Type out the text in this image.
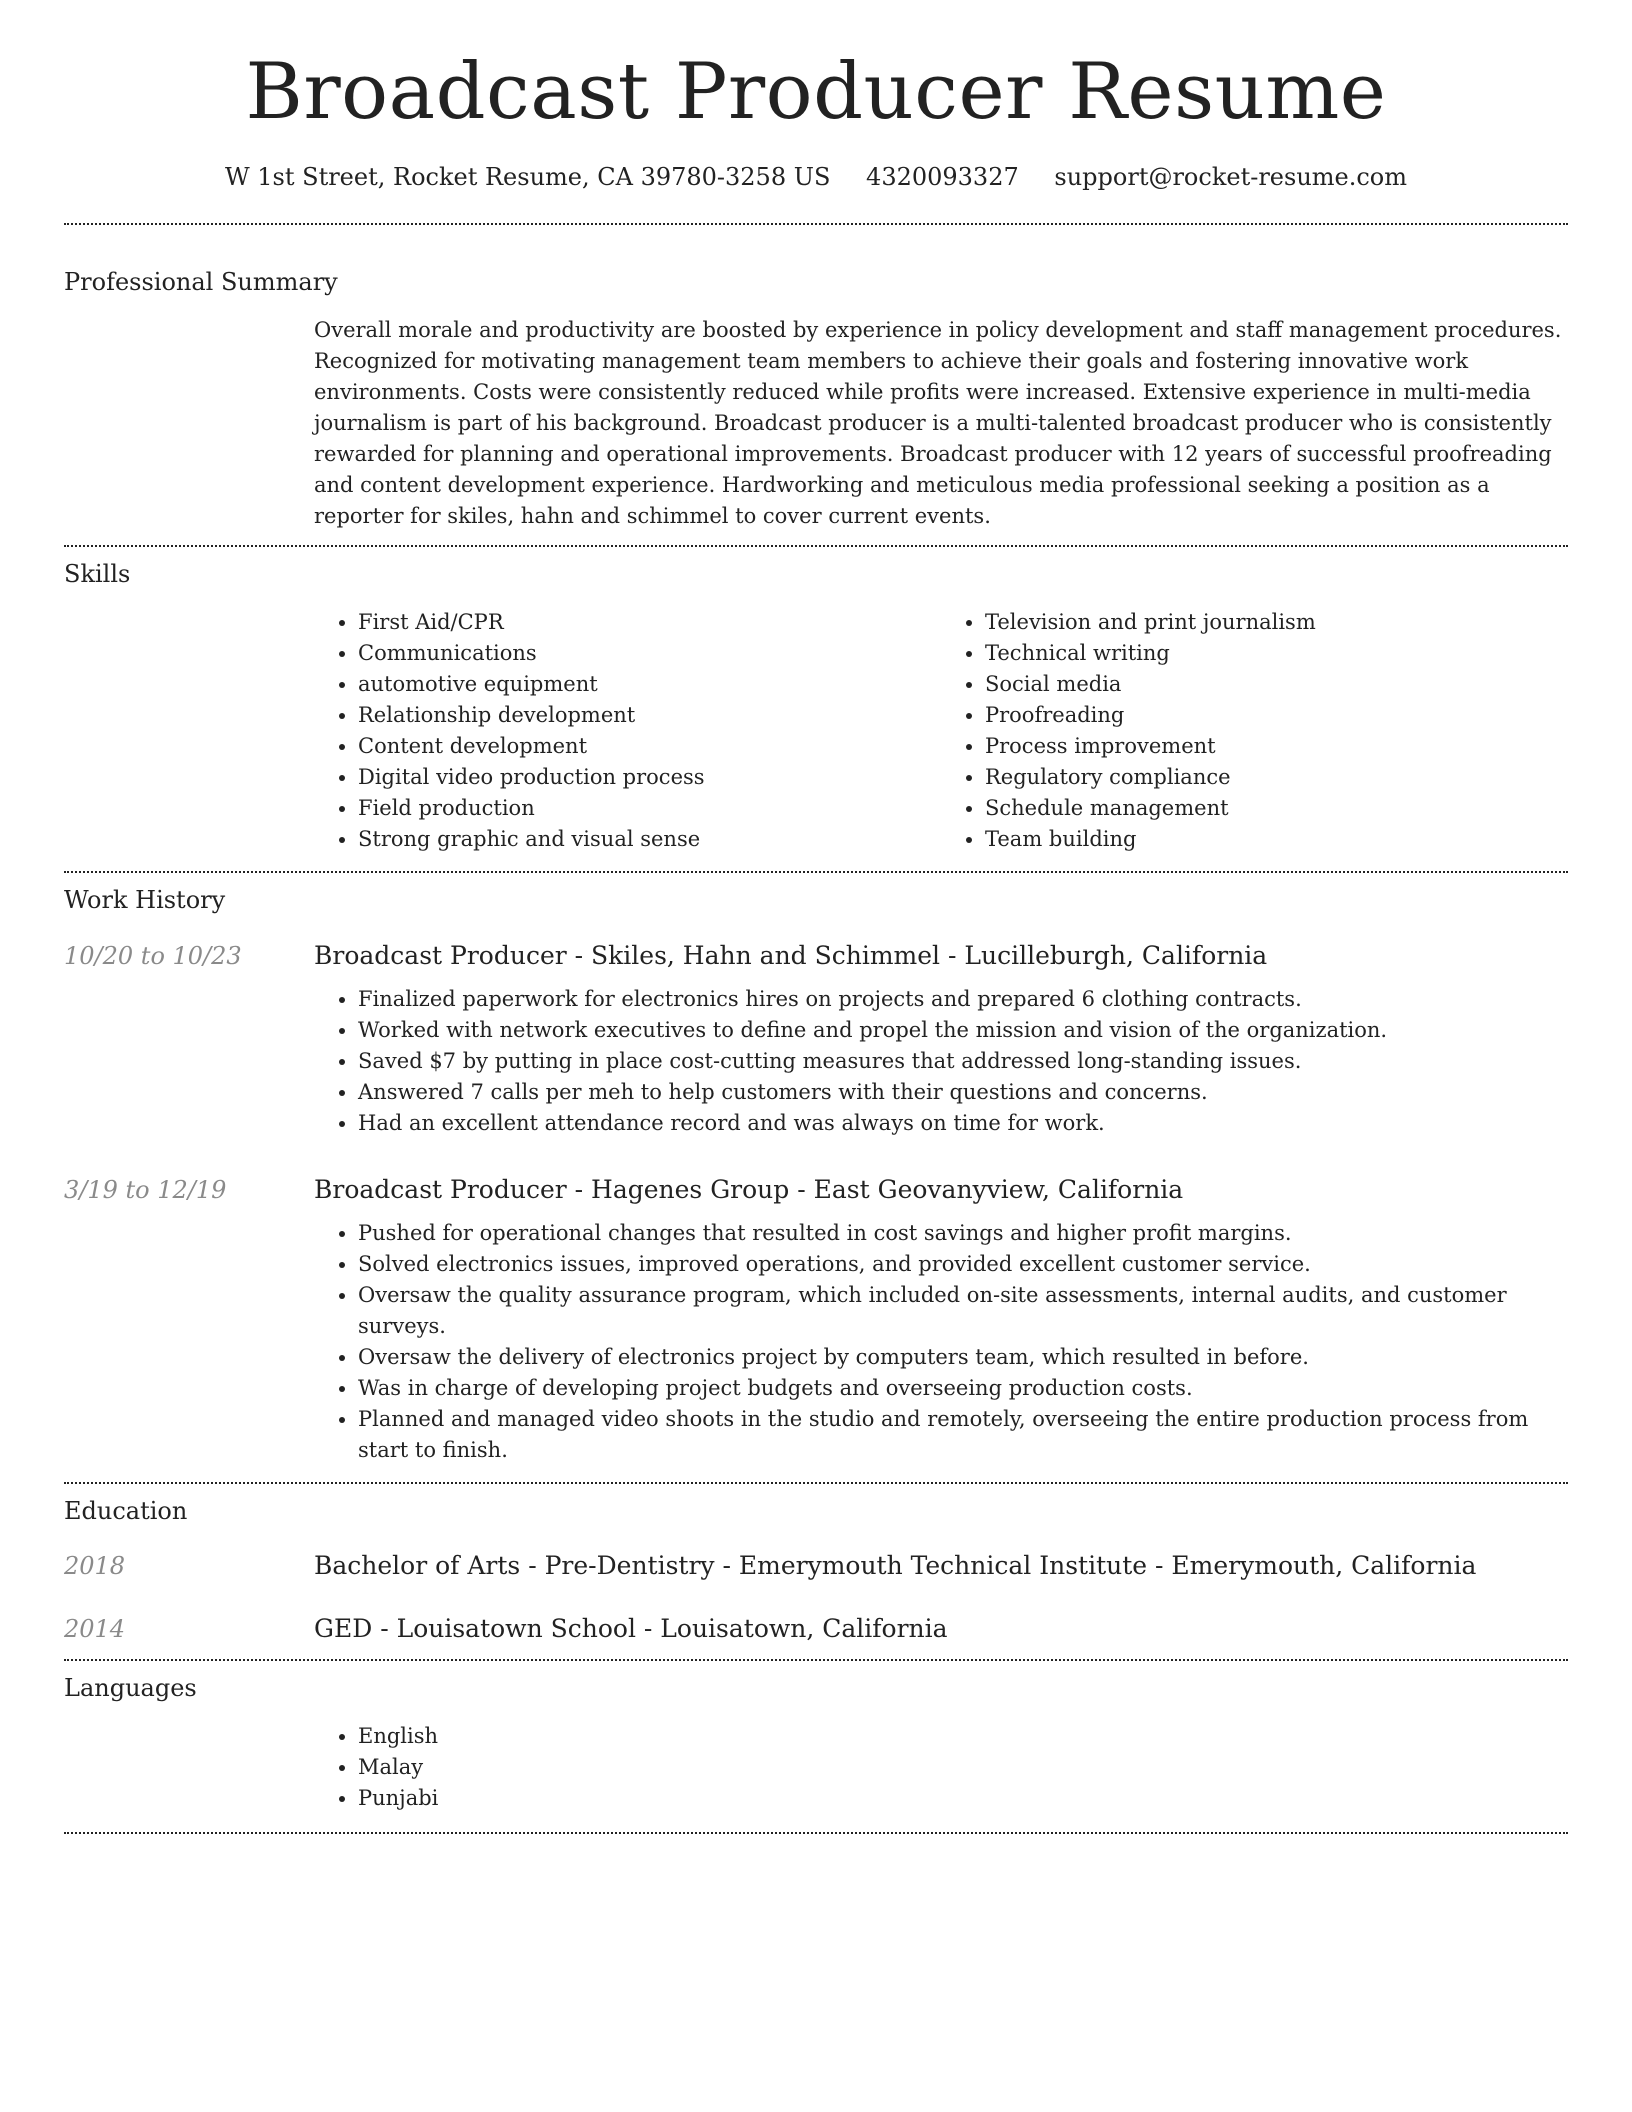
Broadcast Producer Resume
W 1st Street, Rocket Resume, CA 39780-3258 US 4320093327 support@rocket-resume.com
Professional Summary

Overall morale and productivity are boosted by experience in policy development and staff management procedures. Recognized for motivating management team members to achieve their goals and fostering innovative work environments. Costs were consistently reduced while profits were increased. Extensive experience in multi-media journalism is part of his background. Broadcast producer is a multi-talented broadcast producer who is consistently rewarded for planning and operational improvements. Broadcast producer with 12 years of successful proofreading and content development experience. Hardworking and meticulous media professional seeking a position as a reporter for skiles, hahn and schimmel to cover current events.

Skills
• First Aid/CPR
• Communications
• automotive equipment
• Relationship development
• Content development
• Digital video production process
• Field production
• Strong graphic and visual sense
• Television and print journalism
• Technical writing
• Social media
• Proofreading
• Process improvement
• Regulatory compliance
• Schedule management
• Team building
Work History
10/20 to 10/23	Broadcast Producer - Skiles, Hahn and Schimmel - Lucilleburgh, California
• Finalized paperwork for electronics hires on projects and prepared 6 clothing contracts.
• Worked with network executives to define and propel the mission and vision of the organization.
• Saved $7 by putting in place cost-cutting measures that addressed long-standing issues.
• Answered 7 calls per meh to help customers with their questions and concerns.
• Had an excellent attendance record and was always on time for work.
3/19 to 12/19	Broadcast Producer - Hagenes Group - East Geovanyview, California
• Pushed for operational changes that resulted in cost savings and higher profit margins.
• Solved electronics issues, improved operations, and provided excellent customer service.
• Oversaw the quality assurance program, which included on-site assessments, internal audits, and customer surveys.
• Oversaw the delivery of electronics project by computers team, which resulted in before.
• Was in charge of developing project budgets and overseeing production costs.
• Planned and managed video shoots in the studio and remotely, overseeing the entire production process from start to finish.
Education
2018	Bachelor of Arts - Pre-Dentistry - Emerymouth Technical Institute - Emerymouth, California
2014	GED - Louisatown School - Louisatown, California
Languages
• English
• Malay
• Punjabi
